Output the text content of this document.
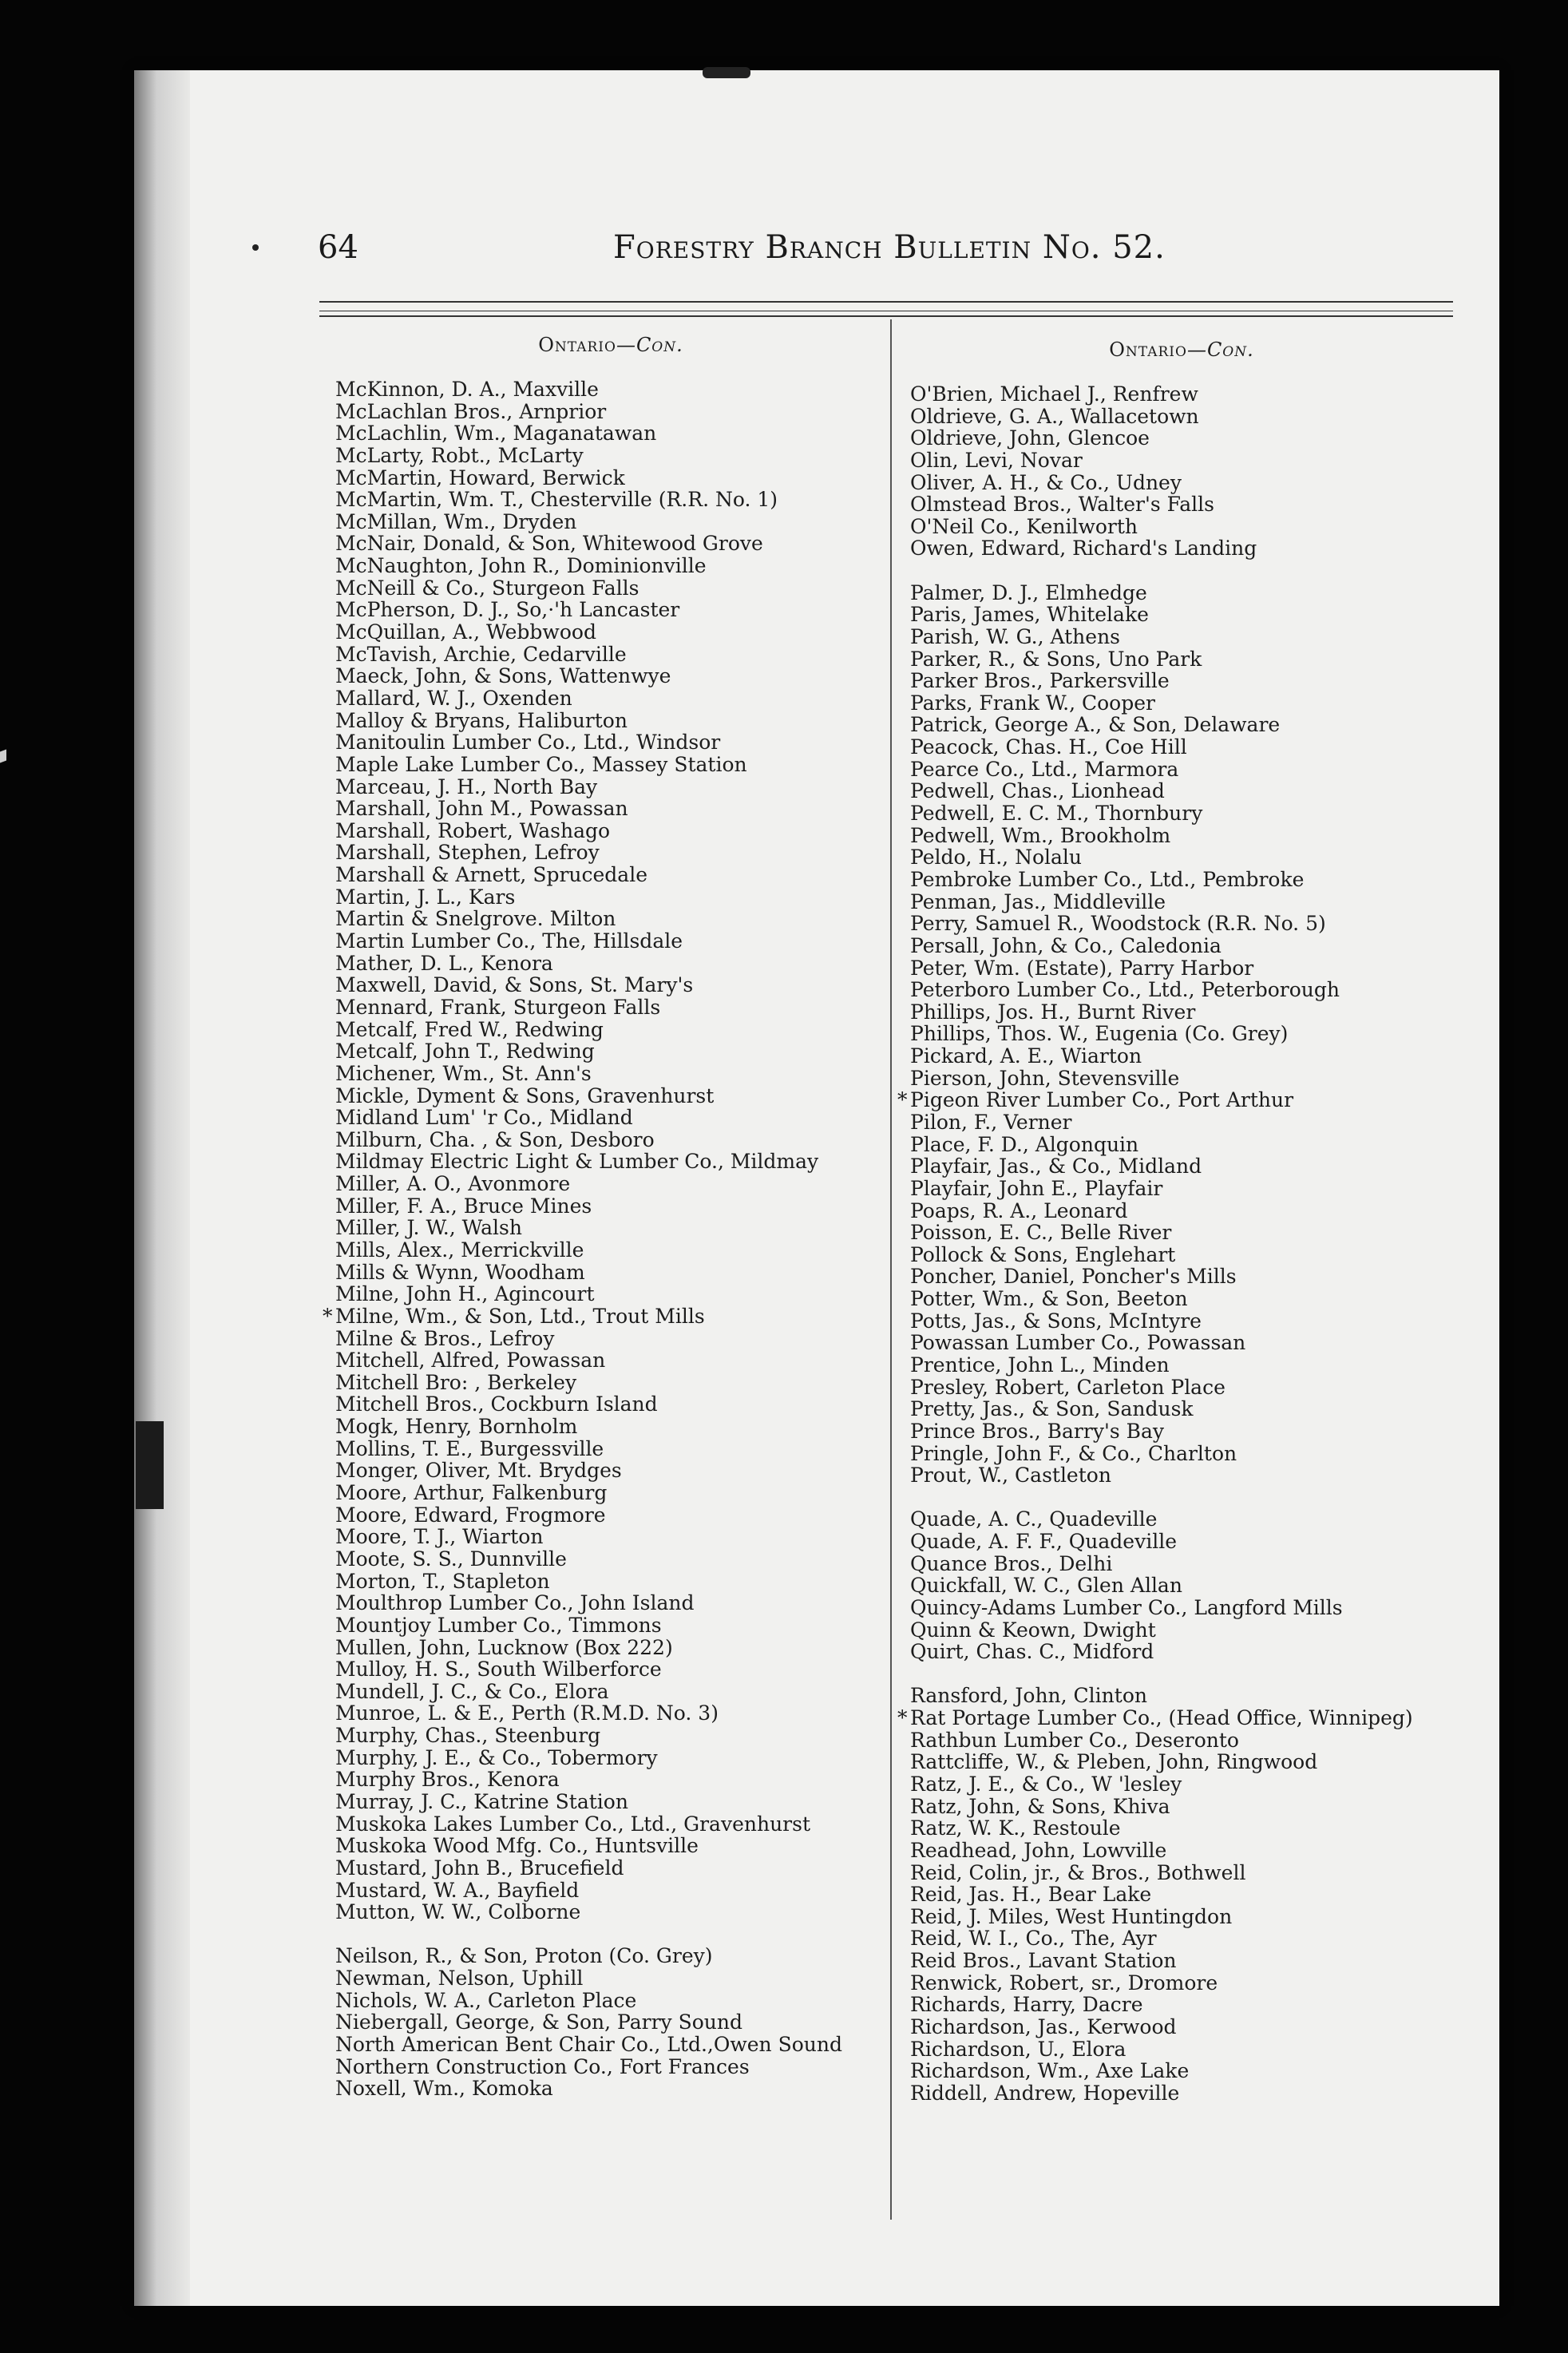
64	Forestry Branch Bulletin No. 52.
Ontario—Con.
McKinnon, D. A., Maxville
McLachlan Bros., Arnprior
McLachlin, Wm., Maganatawan
McLarty, Robt., McLarty
McMartin, Howard, Berwick
McMartin, Wm. T., Chesterville (R.R. No. 1)
McMillan, Wm., Dryden
McNair, Donald, & Son, Whitewood Grove
McNaughton, John R., Dominionville
McNeill & Co., Sturgeon Falls
McPherson, D. J., So,·'h Lancaster
McQuillan, A., Webbwood
McTavish, Archie, Cedarville
Maeck, John, & Sons, Wattenwye
Mallard, W. J., Oxenden
Malloy & Bryans, Haliburton
Manitoulin Lumber Co., Ltd., Windsor
Maple Lake Lumber Co., Massey Station
Marceau, J. H., North Bay
Marshall, John M., Powassan
Marshall, Robert, Washago
Marshall, Stephen, Lefroy
Marshall & Arnett, Sprucedale
Martin, J. L., Kars
Martin & Snelgrove. Milton
Martin Lumber Co., The, Hillsdale
Mather, D. L., Kenora
Maxwell, David, & Sons, St. Mary's
Mennard, Frank, Sturgeon Falls
Metcalf, Fred W., Redwing
Metcalf, John T., Redwing
Michener, Wm., St. Ann's
Mickle, Dyment & Sons, Gravenhurst
Midland Lum' 'r Co., Midland
Milburn, Cha. , & Son, Desboro
Mildmay Electric Light & Lumber Co., Mildmay
Miller, A. O., Avonmore
Miller, F. A., Bruce Mines
Miller, J. W., Walsh
Mills, Alex., Merrickville
Mills & Wynn, Woodham
Milne, John H., Agincourt
* Milne, Wm., & Son, Ltd., Trout Mills
Milne & Bros., Lefroy
Mitchell, Alfred, Powassan
Mitchell Bro: , Berkeley
Mitchell Bros., Cockburn Island
Mogk, Henry, Bornholm
Mollins, T. E., Burgessville
Monger, Oliver, Mt. Brydges
Moore, Arthur, Falkenburg
Moore, Edward, Frogmore
Moore, T. J., Wiarton
Moote, S. S., Dunnville
Morton, T., Stapleton
Moulthrop Lumber Co., John Island
Mountjoy Lumber Co., Timmons
Mullen, John, Lucknow (Box 222)
Mulloy, H. S., South Wilberforce
Mundell, J. C., & Co., Elora
Munroe, L. & E., Perth (R.M.D. No. 3)
Murphy, Chas., Steenburg
Murphy, J. E., & Co., Tobermory
Murphy Bros., Kenora
Murray, J. C., Katrine Station
Muskoka Lakes Lumber Co., Ltd., Gravenhurst
Muskoka Wood Mfg. Co., Huntsville
Mustard, John B., Brucefield
Mustard, W. A., Bayfield
Mutton, W. W., Colborne
Neilson, R., & Son, Proton (Co. Grey)
Newman, Nelson, Uphill
Nichols, W. A., Carleton Place
Niebergall, George, & Son, Parry Sound
North American Bent Chair Co., Ltd.,Owen Sound
Northern Construction Co., Fort Frances
Noxell, Wm., Komoka
Ontario—Con.
O'Brien, Michael J., Renfrew
Oldrieve, G. A., Wallacetown
Oldrieve, John, Glencoe
Olin, Levi, Novar
Oliver, A. H., & Co., Udney
Olmstead Bros., Walter's Falls
O'Neil Co., Kenilworth
Owen, Edward, Richard's Landing
Palmer, D. J., Elmhedge
Paris, James, Whitelake
Parish, W. G., Athens
Parker, R., & Sons, Uno Park
Parker Bros., Parkersville
Parks, Frank W., Cooper
Patrick, George A., & Son, Delaware
Peacock, Chas. H., Coe Hill
Pearce Co., Ltd., Marmora
Pedwell, Chas., Lionhead
Pedwell, E. C. M., Thornbury
Pedwell, Wm., Brookholm
Peldo, H., Nolalu
Pembroke Lumber Co., Ltd., Pembroke
Penman, Jas., Middleville
Perry, Samuel R., Woodstock (R.R. No. 5)
Persall, John, & Co., Caledonia
Peter, Wm. (Estate), Parry Harbor
Peterboro Lumber Co., Ltd., Peterborough
Phillips, Jos. H., Burnt River
Phillips, Thos. W., Eugenia (Co. Grey)
Pickard, A. E., Wiarton
Pierson, John, Stevensville
* Pigeon River Lumber Co., Port Arthur
Pilon, F., Verner
Place, F. D., Algonquin
Playfair, Jas., & Co., Midland
Playfair, John E., Playfair
Poaps, R. A., Leonard
Poisson, E. C., Belle River
Pollock & Sons, Englehart
Poncher, Daniel, Poncher's Mills
Potter, Wm., & Son, Beeton
Potts, Jas., & Sons, McIntyre
Powassan Lumber Co., Powassan
Prentice, John L., Minden
Presley, Robert, Carleton Place
Pretty, Jas., & Son, Sandusk
Prince Bros., Barry's Bay
Pringle, John F., & Co., Charlton
Prout, W., Castleton
Quade, A. C., Quadeville
Quade, A. F. F., Quadeville
Quance Bros., Delhi
Quickfall, W. C., Glen Allan
Quincy-Adams Lumber Co., Langford Mills
Quinn & Keown, Dwight
Quirt, Chas. C., Midford
Ransford, John, Clinton
* Rat Portage Lumber Co., (Head Office, Winnipeg)
Rathbun Lumber Co., Deseronto
Rattcliffe, W., & Pleben, John, Ringwood
Ratz, J. E., & Co., W 'lesley
Ratz, John, & Sons, Khiva
Ratz, W. K., Restoule
Readhead, John, Lowville
Reid, Colin, jr., & Bros., Bothwell
Reid, Jas. H., Bear Lake
Reid, J. Miles, West Huntingdon
Reid, W. I., Co., The, Ayr
Reid Bros., Lavant Station
Renwick, Robert, sr., Dromore
Richards, Harry, Dacre
Richardson, Jas., Kerwood
Richardson, U., Elora
Richardson, Wm., Axe Lake
Riddell, Andrew, Hopeville
